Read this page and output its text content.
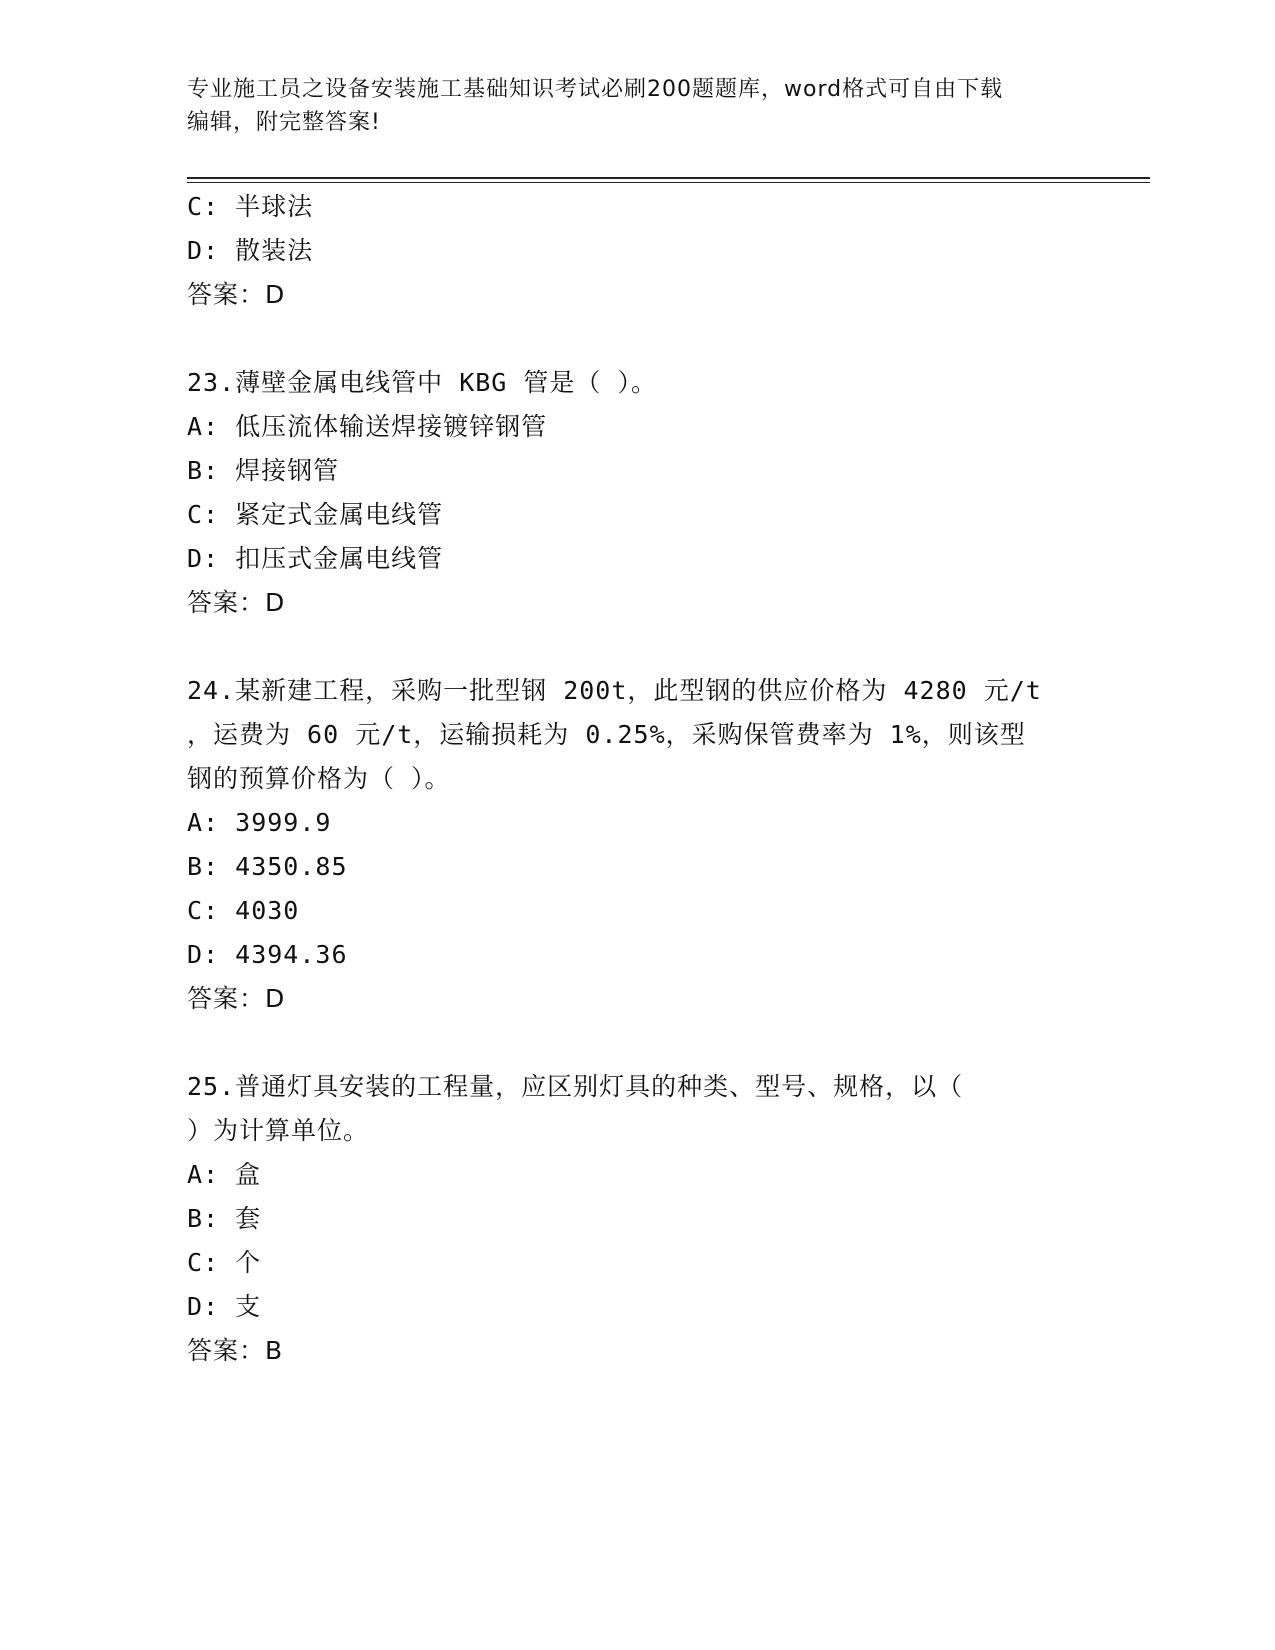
专业施工员之设备安装施工基础知识考试必刷200题题库，word格式可自由下载
编辑，附完整答案!
C: 半球法
D: 散装法
答案：D
23.薄壁金属电线管中 KBG 管是（ ）。
A: 低压流体输送焊接镀锌钢管
B: 焊接钢管
C: 紧定式金属电线管
D: 扣压式金属电线管
答案：D
24.某新建工程，采购一批型钢 200t，此型钢的供应价格为 4280 元/t
，运费为 60 元/t，运输损耗为 0.25%，采购保管费率为 1%，则该型
钢的预算价格为（ ）。
A: 3999.9
B: 4350.85
C: 4030
D: 4394.36
答案：D
25.普通灯具安装的工程量，应区别灯具的种类、型号、规格，以（
）为计算单位。
A: 盒
B: 套
C: 个
D: 支
答案：B
